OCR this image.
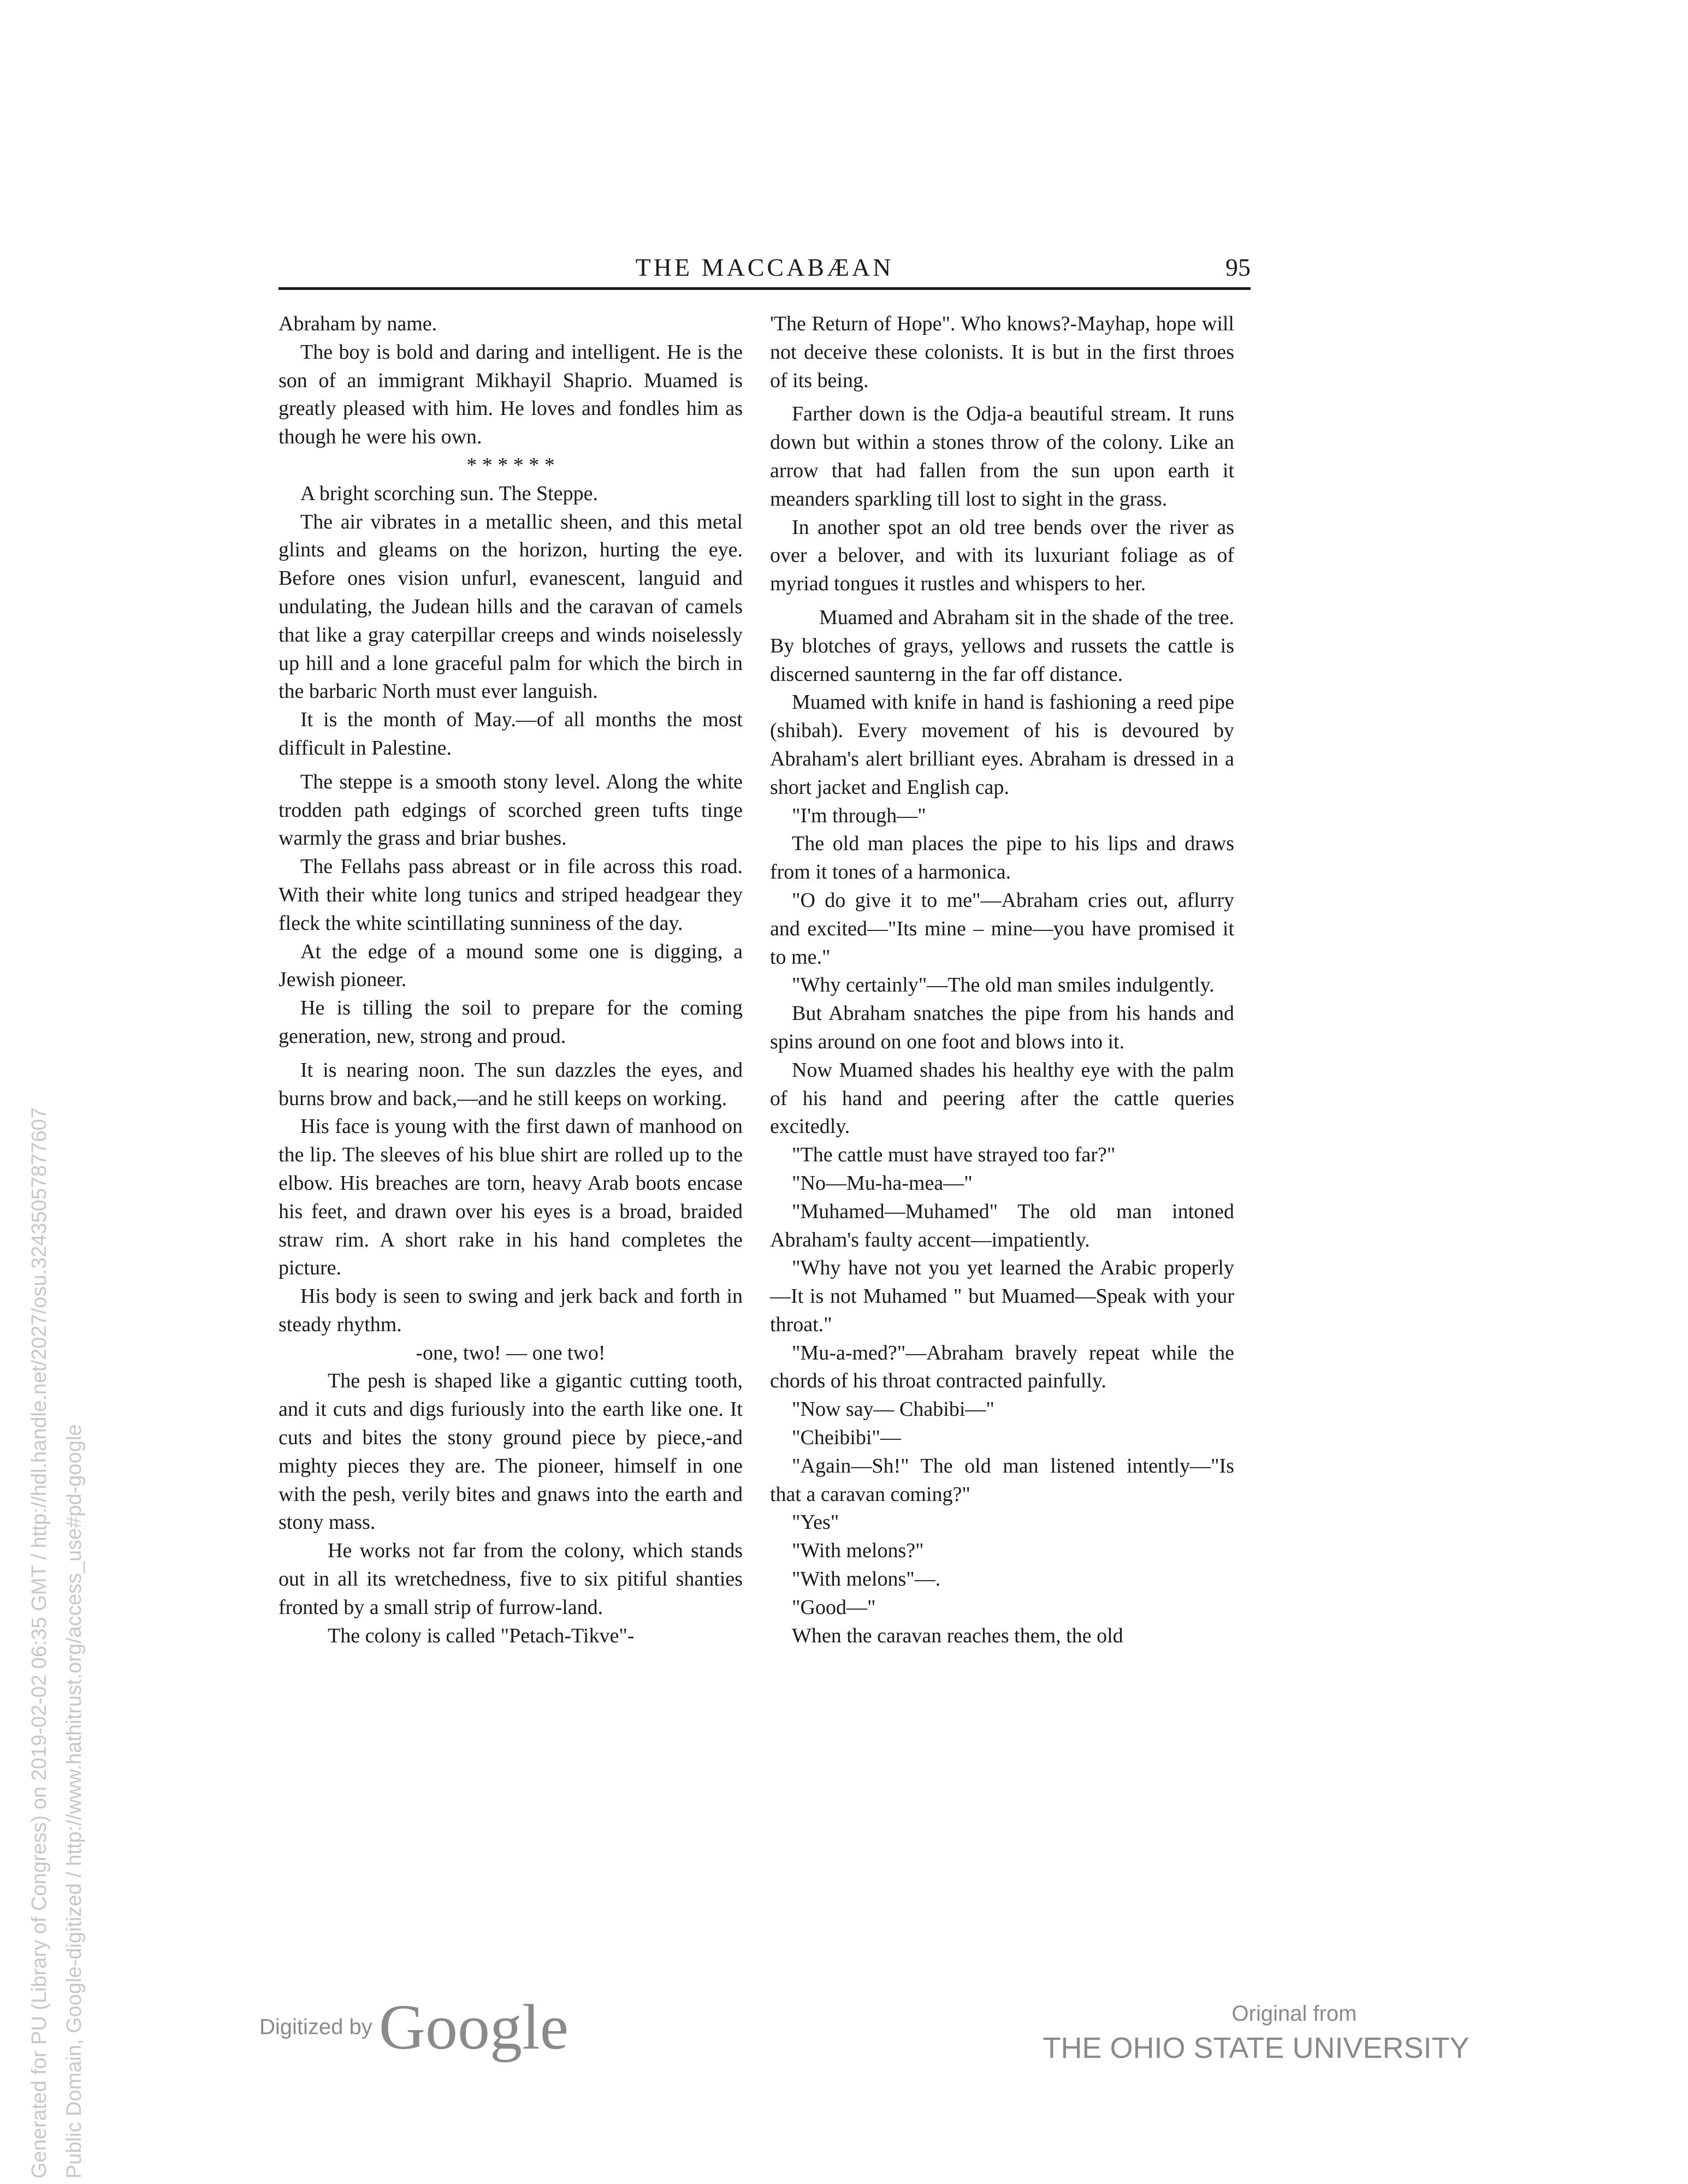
THE MACCABÆAN	95

Abraham by name.

The boy is bold and daring and intelligent. He is the son of an immigrant Mikhayil Shaprio. Muamed is greatly pleased with him. He loves and fondles him as though he were his own.

* * * * * *

A bright scorching sun. The Steppe.

The air vibrates in a metallic sheen, and this metal glints and gleams on the horizon, hurting the eye. Before ones vision unfurl, evanescent, languid and undulating, the Judean hills and the caravan of camels that like a gray caterpillar creeps and winds noiselessly up hill and a lone graceful palm for which the birch in the barbaric North must ever languish.

It is the month of May.—of all months the most difficult in Palestine.

The steppe is a smooth stony level. Along the white trodden path edgings of scorched green tufts tinge warmly the grass and briar bushes.

The Fellahs pass abreast or in file across this road. With their white long tunics and striped headgear they fleck the white scintillating sunniness of the day.

At the edge of a mound some one is digging, a Jewish pioneer.

He is tilling the soil to prepare for the coming generation, new, strong and proud.

It is nearing noon. The sun dazzles the eyes, and burns brow and back,—and he still keeps on working.

His face is young with the first dawn of manhood on the lip. The sleeves of his blue shirt are rolled up to the elbow. His breaches are torn, heavy Arab boots encase his feet, and drawn over his eyes is a broad, braided straw rim. A short rake in his hand completes the picture.

His body is seen to swing and jerk back and forth in steady rhythm.

-one, two! — one two!

The pesh is shaped like a gigantic cutting tooth, and it cuts and digs furiously into the earth like one. It cuts and bites the stony ground piece by piece,-and mighty pieces they are. The pioneer, himself in one with the pesh, verily bites and gnaws into the earth and stony mass.

He works not far from the colony, which stands out in all its wretchedness, five to six pitiful shanties fronted by a small strip of furrow-land.

The colony is called "Petach-Tikve"-

'The Return of Hope". Who knows?-Mayhap, hope will not deceive these colonists. It is but in the first throes of its being.

Farther down is the Odja-a beautiful stream. It runs down but within a stones throw of the colony. Like an arrow that had fallen from the sun upon earth it meanders sparkling till lost to sight in the grass.

In another spot an old tree bends over the river as over a belover, and with its luxuriant foliage as of myriad tongues it rustles and whispers to her.

Muamed and Abraham sit in the shade of the tree. By blotches of grays, yellows and russets the cattle is discerned saunterng in the far off distance.

Muamed with knife in hand is fashioning a reed pipe (shibah). Every movement of his is devoured by Abraham's alert brilliant eyes. Abraham is dressed in a short jacket and English cap.

"I'm through—"

The old man places the pipe to his lips and draws from it tones of a harmonica.

"O do give it to me"—Abraham cries out, aflurry and excited—"Its mine – mine—you have promised it to me."

"Why certainly"—The old man smiles indulgently.

But Abraham snatches the pipe from his hands and spins around on one foot and blows into it.

Now Muamed shades his healthy eye with the palm of his hand and peering after the cattle queries excitedly.

"The cattle must have strayed too far?"

"No—Mu-ha-mea—"

"Muhamed—Muhamed" The old man intoned Abraham's faulty accent—impatiently.

"Why have not you yet learned the Arabic properly—It is not Muhamed " but Muamed—Speak with your throat."

"Mu-a-med?"—Abraham bravely repeat while the chords of his throat contracted painfully.

"Now say— Chabibi—"

"Cheibibi"—

"Again—Sh!" The old man listened intently—"Is that a caravan coming?"

"Yes"

"With melons?"

"With melons"—.

"Good—"

When the caravan reaches them, the old

Generated for PU (Library of Congress) on 2019-02-02 06:35 GMT / http://hdl.handle.net/2027/osu.32435057877607 Public Domain, Google-digitized / http://www.hathitrust.org/access_use#pd-google	Digitized by Google	Original from
THE OHIO STATE UNIVERSITY
